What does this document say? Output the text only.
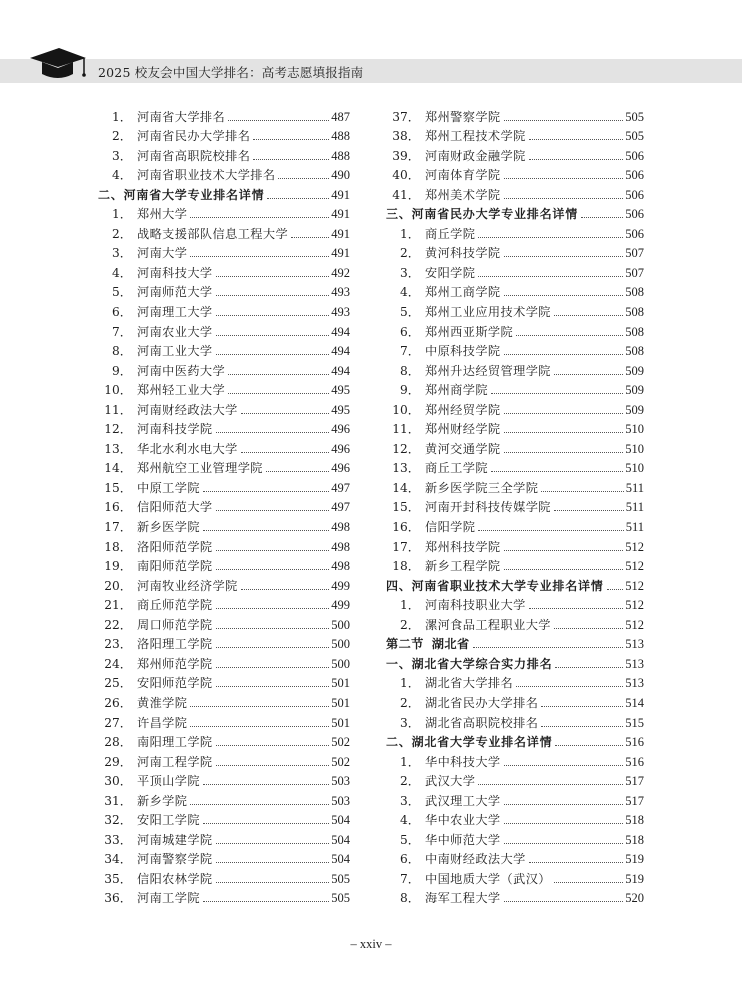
2025 校友会中国大学排名：高考志愿填报指南
1． 河南省大学排名	487
2． 河南省民办大学排名	488
3． 河南省高职院校排名	488
4． 河南省职业技术大学排名	490
二、河南省大学专业排名详情	491
1． 郑州大学	491
2． 战略支援部队信息工程大学	491
3． 河南大学	491
4． 河南科技大学	492
5． 河南师范大学	493
6． 河南理工大学	493
7． 河南农业大学	494
8． 河南工业大学	494
9． 河南中医药大学	494
10． 郑州轻工业大学	495
11． 河南财经政法大学	495
12． 河南科技学院	496
13． 华北水利水电大学	496
14． 郑州航空工业管理学院	496
15． 中原工学院	497
16． 信阳师范大学	497
17． 新乡医学院	498
18． 洛阳师范学院	498
19． 南阳师范学院	498
20． 河南牧业经济学院	499
21． 商丘师范学院	499
22． 周口师范学院	500
23． 洛阳理工学院	500
24． 郑州师范学院	500
25． 安阳师范学院	501
26． 黄淮学院	501
27． 许昌学院	501
28． 南阳理工学院	502
29． 河南工程学院	502
30． 平顶山学院	503
31． 新乡学院	503
32． 安阳工学院	504
33． 河南城建学院	504
34． 河南警察学院	504
35． 信阳农林学院	505
36． 河南工学院	505
37． 郑州警察学院	505
38． 郑州工程技术学院	505
39． 河南财政金融学院	506
40． 河南体育学院	506
41． 郑州美术学院	506
三、河南省民办大学专业排名详情	506
1． 商丘学院	506
2． 黄河科技学院	507
3． 安阳学院	507
4． 郑州工商学院	508
5． 郑州工业应用技术学院	508
6． 郑州西亚斯学院	508
7． 中原科技学院	508
8． 郑州升达经贸管理学院	509
9． 郑州商学院	509
10． 郑州经贸学院	509
11． 郑州财经学院	510
12． 黄河交通学院	510
13． 商丘工学院	510
14． 新乡医学院三全学院	511
15． 河南开封科技传媒学院	511
16． 信阳学院	511
17． 郑州科技学院	512
18． 新乡工程学院	512
四、河南省职业技术大学专业排名详情 512
1． 河南科技职业大学	512
2． 漯河食品工程职业大学	512
第二节 湖北省	513
一、湖北省大学综合实力排名	513
1． 湖北省大学排名	513
2． 湖北省民办大学排名	514
3． 湖北省高职院校排名	515
二、湖北省大学专业排名详情	516
1． 华中科技大学	516
2． 武汉大学	517
3． 武汉理工大学	517
4． 华中农业大学	518
5． 华中师范大学	518
6． 中南财经政法大学	519
7． 中国地质大学（武汉）	519
8． 海军工程大学	520
– xxiv –
